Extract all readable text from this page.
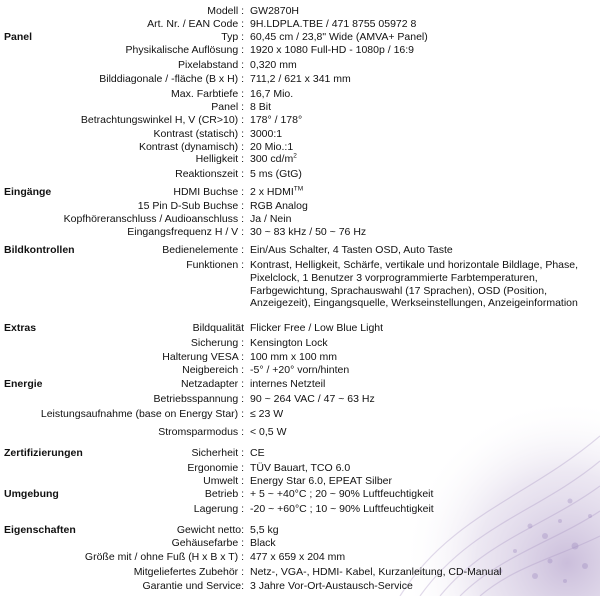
Modell : GW2870H
Art. Nr. / EAN Code : 9H.LDPLA.TBE / 471 8755 05972 8
Panel	Typ : 60,45 cm / 23,8" Wide (AMVA+ Panel)
Physikalische Auflösung : 1920 x 1080 Full-HD - 1080p / 16:9
Pixelabstand : 0,320 mm
Bilddiagonale / -fläche (B x H) : 711,2 / 621 x 341 mm
Max. Farbtiefe : 16,7 Mio.
Panel : 8 Bit
Betrachtungswinkel H, V (CR>10) : 178° / 178°
Kontrast (statisch) : 3000:1
Kontrast (dynamisch) : 20 Mio.:1
Helligkeit : 300 $cd/m^2$
Reaktionszeit : 5 ms (GtG)
Eingänge	HDMI Buchse : 2 x HDMI™
15 Pin D-Sub Buchse : RGB Analog
Kopfhöreranschluss / Audioanschluss : Ja / Nein
Eingangsfrequenz H / V : 30 ~ 83 kHz / 50 ~ 76 Hz
Bildkontrollen	Bedienelemente : Ein/Aus Schalter, 4 Tasten OSD, Auto Taste
Funktionen : Kontrast, Helligkeit, Schärfe, vertikale und horizontale Bildlage, Phase,
Pixelclock, 1 Benutzer 3 vorprogrammierte Farbtemperaturen,
Farbgewichtung, Sprachauswahl (17 Sprachen), OSD (Position,
Anzeigezeit), Eingangsquelle, Werkseinstellungen, Anzeigeinformation
Extras	Bildqualität Flicker Free / Low Blue Light
Sicherung : Kensington Lock
Halterung VESA : 100 mm x 100 mm
Neigbereich : -5° / +20° vorn/hinten
Energie	Netzadapter : internes Netzteil
Betriebsspannung : 90 ~ 264 VAC / 47 ~ 63 Hz
Leistungsaufnahme (base on Energy Star) : ≤ 23 W
Stromsparmodus : < 0,5 W
Zertifizierungen	Sicherheit : CE
Ergonomie : TÜV Bauart, TCO 6.0
Umwelt : Energy Star 6.0, EPEAT Silber
Umgebung	Betrieb : + 5 ~ +40°C ; 20 ~ 90% Luftfeuchtigkeit
Lagerung : -20 ~ +60°C ; 10 ~ 90% Luftfeuchtigkeit
Eigenschaften	Gewicht netto: 5,5 kg
Gehäusefarbe : Black
Größe mit / ohne Fuß (H x B x T) : 477 x 659 x 204 mm
Mitgeliefertes Zubehör : Netz-, VGA-, HDMI- Kabel, Kurzanleitung, CD-Manual
Garantie und Service: 3 Jahre Vor-Ort-Austausch-Service
